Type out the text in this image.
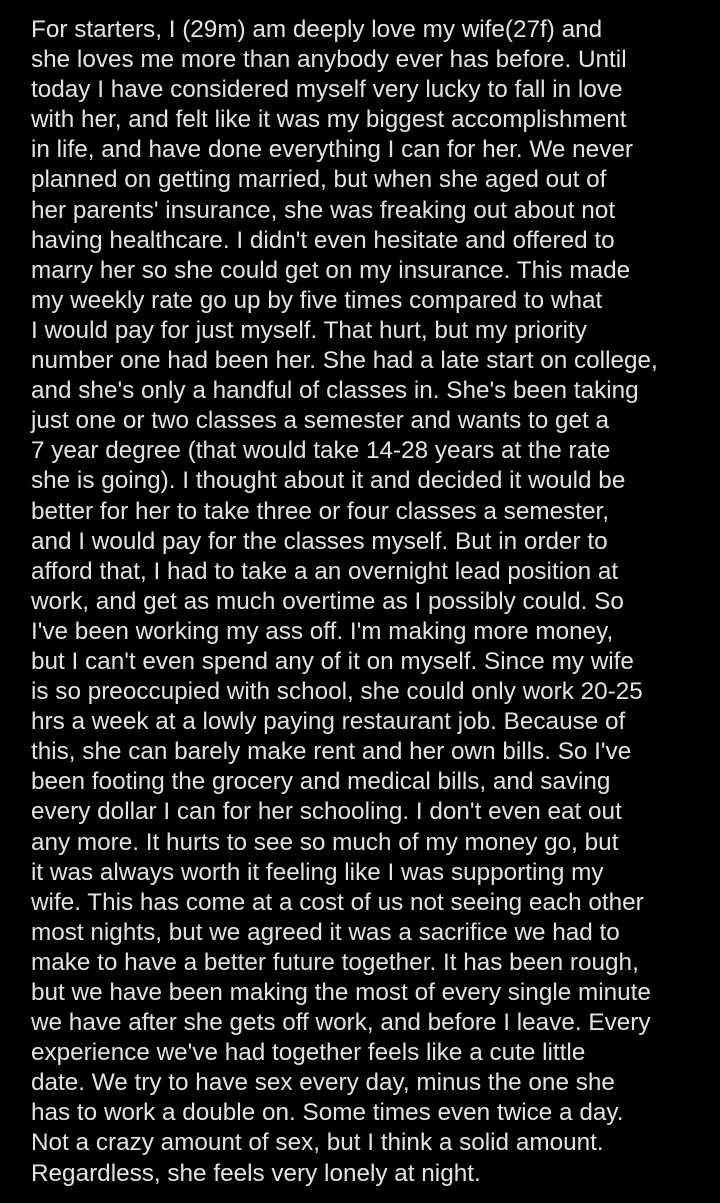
For starters, I (29m) am deeply love my wife(27f) and
she loves me more than anybody ever has before. Until
today I have considered myself very lucky to fall in love
with her, and felt like it was my biggest accomplishment
in life, and have done everything I can for her. We never
planned on getting married, but when she aged out of
her parents' insurance, she was freaking out about not
having healthcare. I didn't even hesitate and offered to
marry her so she could get on my insurance. This made
my weekly rate go up by five times compared to what
I would pay for just myself. That hurt, but my priority
number one had been her. She had a late start on college,
and she's only a handful of classes in. She's been taking
just one or two classes a semester and wants to get a
7 year degree (that would take 14-28 years at the rate
she is going). I thought about it and decided it would be
better for her to take three or four classes a semester,
and I would pay for the classes myself. But in order to
afford that, I had to take a an overnight lead position at
work, and get as much overtime as I possibly could. So
I've been working my ass off. I'm making more money,
but I can't even spend any of it on myself. Since my wife
is so preoccupied with school, she could only work 20-25
hrs a week at a lowly paying restaurant job. Because of
this, she can barely make rent and her own bills. So I've
been footing the grocery and medical bills, and saving
every dollar I can for her schooling. I don't even eat out
any more. It hurts to see so much of my money go, but
it was always worth it feeling like I was supporting my
wife. This has come at a cost of us not seeing each other
most nights, but we agreed it was a sacrifice we had to
make to have a better future together. It has been rough,
but we have been making the most of every single minute
we have after she gets off work, and before I leave. Every
experience we've had together feels like a cute little
date. We try to have sex every day, minus the one she
has to work a double on. Some times even twice a day.
Not a crazy amount of sex, but I think a solid amount.
Regardless, she feels very lonely at night.
